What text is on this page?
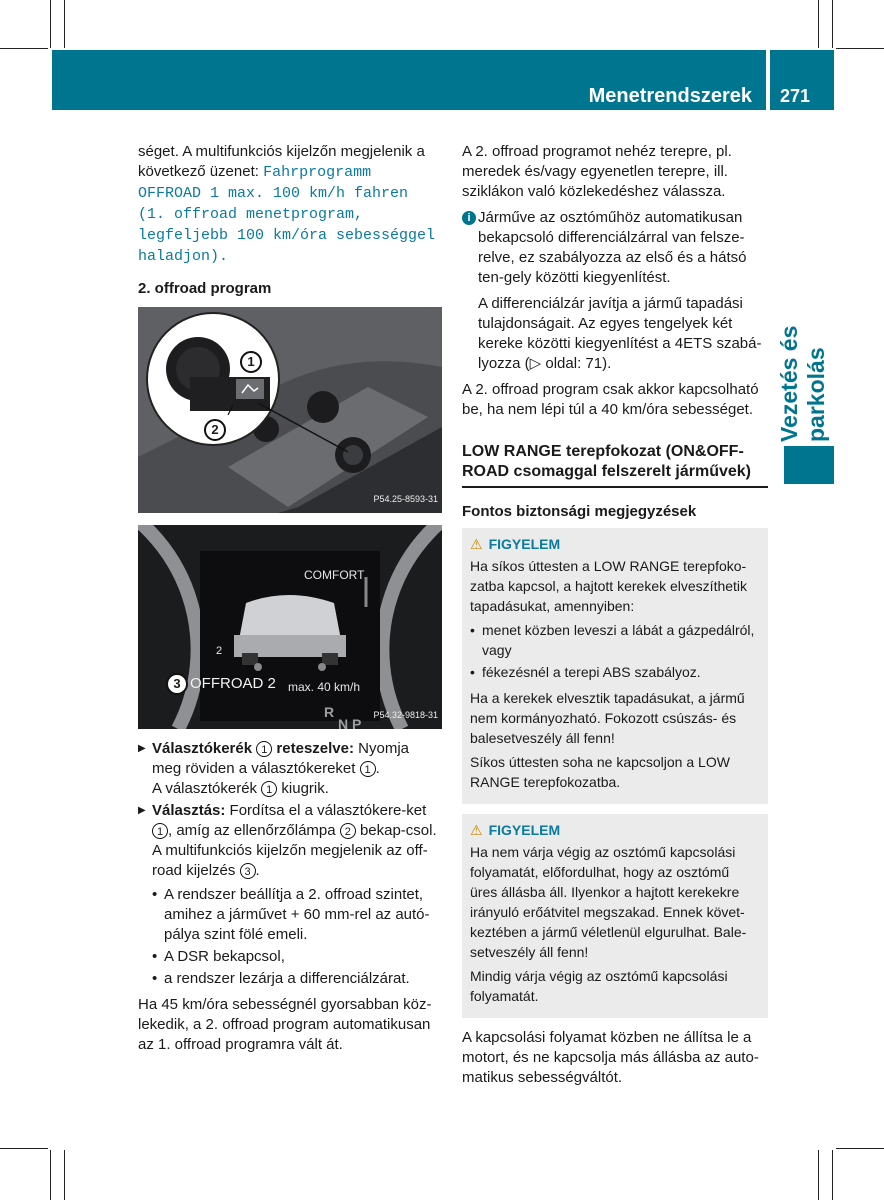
Menetrendszerek 271
Vezetés és parkolás

séget. A multifunkciós kijelzőn megjelenik a következő üzenet: Fahrprogramm OFFROAD 1 max. 100 km/h fahren (1. offroad menetprogram, legfeljebb 100 km/óra sebességgel haladjon).

2. offroad program
1
2
P54.25-8593-31
R
N P
COMFORT
2
OFFROAD 2 max. 40 km/h
3
P54.32-9818-31
▶ Választókerék 1 reteszelve: Nyomja meg röviden a választókereket 1 .
A választókerék 1 kiugrik.
▶ Választás: Fordítsa el a választókere-ket 1 , amíg az ellenőrzőlámpa 2 bekap-csol.
A multifunkciós kijelzőn megjelenik az off-road kijelzés 3 .
• A rendszer beállítja a 2. offroad szintet, amihez a járművet + 60 mm-rel az autó-pálya szint fölé emeli.
• A DSR bekapcsol,
• a rendszer lezárja a differenciálzárat.

Ha 45 km/óra sebességnél gyorsabban köz-lekedik, a 2. offroad program automatikusan az 1. offroad programra vált át.

A 2. offroad programot nehéz terepre, pl. meredek és/vagy egyenetlen terepre, ill. sziklákon való közlekedéshez válassza.

i Járműve az osztóműhöz automatikusan bekapcsoló differenciálzárral van felsze-relve, ez szabályozza az első és a hátsó ten-gely közötti kiegyenlítést.

A differenciálzár javítja a jármű tapadási tulajdonságait. Az egyes tengelyek két kereke közötti kiegyenlítést a 4ETS szabá-lyozza (▷ oldal: 71).

A 2. offroad program csak akkor kapcsolható be, ha nem lépi túl a 40 km/óra sebességet.

LOW RANGE terepfokozat (ON&OFF-ROAD csomaggal felszerelt járművek)
Fontos biztonsági megjegyzések
⚠ FIGYELEM

Ha síkos úttesten a LOW RANGE terepfoko-zatba kapcsol, a hajtott kerekek elveszíthetik tapadásukat, amennyiben:

• menet közben leveszi a lábát a gázpedálról, vagy
• fékezésnél a terepi ABS szabályoz.

Ha a kerekek elvesztik tapadásukat, a jármű nem kormányozható. Fokozott csúszás- és balesetveszély áll fenn!

Síkos úttesten soha ne kapcsoljon a LOW RANGE terepfokozatba.

⚠ FIGYELEM

Ha nem várja végig az osztómű kapcsolási folyamatát, előfordulhat, hogy az osztómű üres állásba áll. Ilyenkor a hajtott kerekekre irányuló erőátvitel megszakad. Ennek követ-keztében a jármű véletlenül elgurulhat. Bale-setveszély áll fenn!

Mindig várja végig az osztómű kapcsolási folyamatát.

A kapcsolási folyamat közben ne állítsa le a motort, és ne kapcsolja más állásba az auto-matikus sebességváltót.
